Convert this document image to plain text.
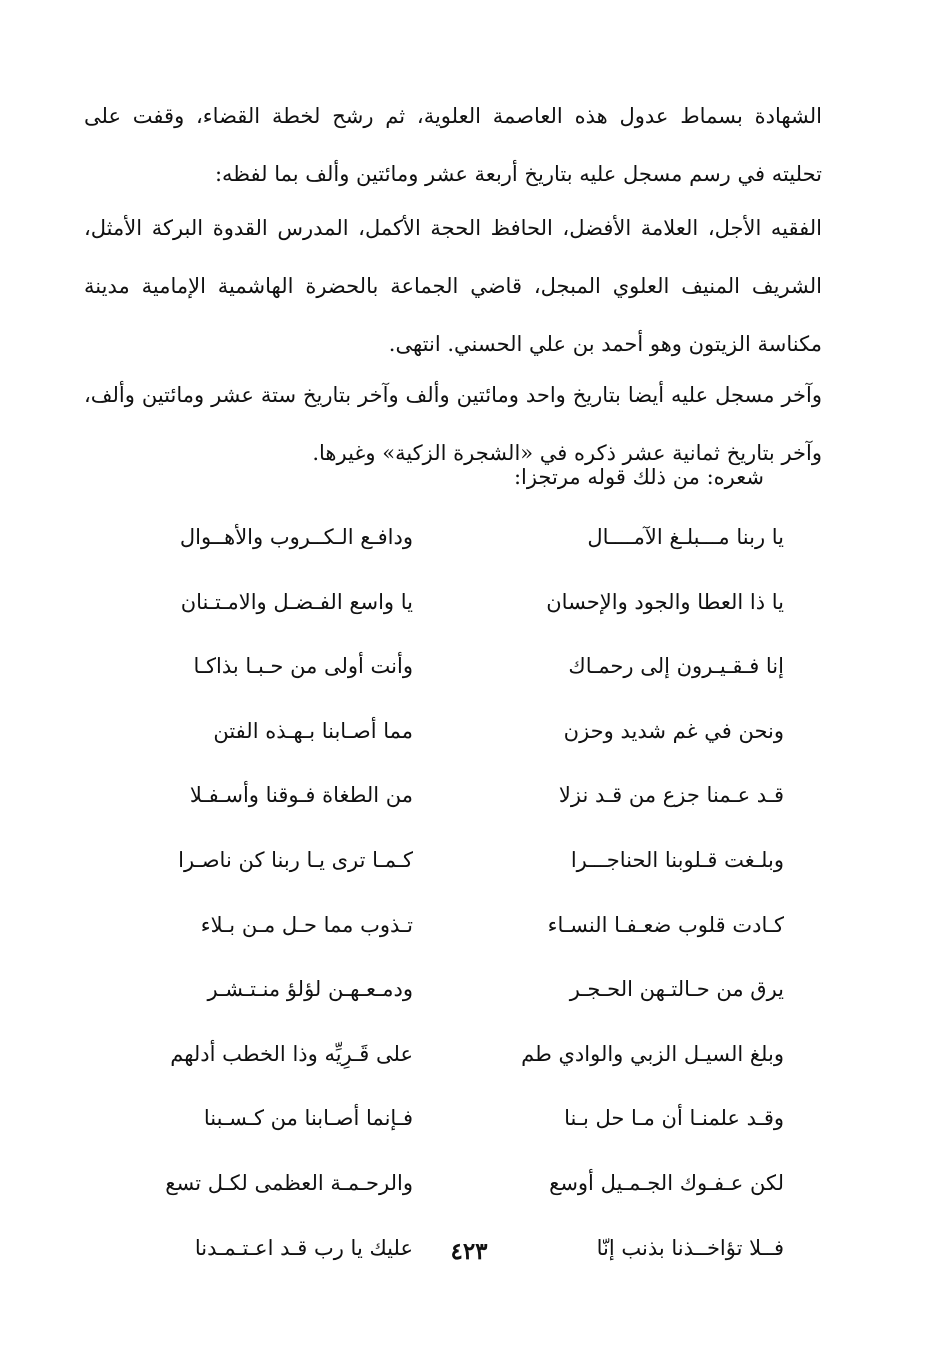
الشهادة بسماط عدول هذه العاصمة العلوية، ثم رشح لخطة القضاء، وقفت على تحليته في رسم مسجل عليه بتاريخ أربعة عشر ومائتين وألف بما لفظه:

الفقيه الأجل، العلامة الأفضل، الحافظ الحجة الأكمل، المدرس القدوة البركة الأمثل، الشريف المنيف العلوي المبجل، قاضي الجماعة بالحضرة الهاشمية الإمامية مدينة مكناسة الزيتون وهو أحمد بن علي الحسني. انتهى.

وآخر مسجل عليه أيضا بتاريخ واحد ومائتين وألف وآخر بتاريخ ستة عشر ومائتين وألف، وآخر بتاريخ ثمانية عشر ذكره في «الشجرة الزكية» وغيرها.

شعره: من ذلك قوله مرتجزا:
يا ربنا مـــبلـغ الآمــــال
ودافـع الـكــروب والأهــوال
يا ذا العطا والجود والإحسان
يا واسع الفـضـل والامـتـنان
إنا فـقـيـرون إلى رحمـاك
وأنت أولى من حـبـا بذاكـا
ونحن في غم شديد وحزن
مما أصـابنا بـهـذه الفتن
قـد عـمنا جزع من قـد نزلا
من الطغاة فـوقنا وأسـفـلا
وبلـغت قـلوبنا الحناجـــرا
كـمـا ترى يـا ربنا كن ناصـرا
كـادت قلوب ضعـفـا النسـاء
تـذوب مما حـل مـن بـلاء
يرق من حـالتـهن الحـجـر
ودمـعـهـن لؤلؤ منـتـشـر
وبلغ السيـل الزبي والوادي طم
على قَـرِيِّه وذا الخطب أدلهم
وقـد علمنـا أن مـا حل بـنا
فـإنما أصـابنا من كـسـبنا
لكن عـفـوك الجـمـيل أوسع
والرحـمـة العظمى لكـل تسع
فــلا تؤاخــذنا بذنب إنّا
عليك يا رب قـد اعـتـمـدنا	٤٢٣
